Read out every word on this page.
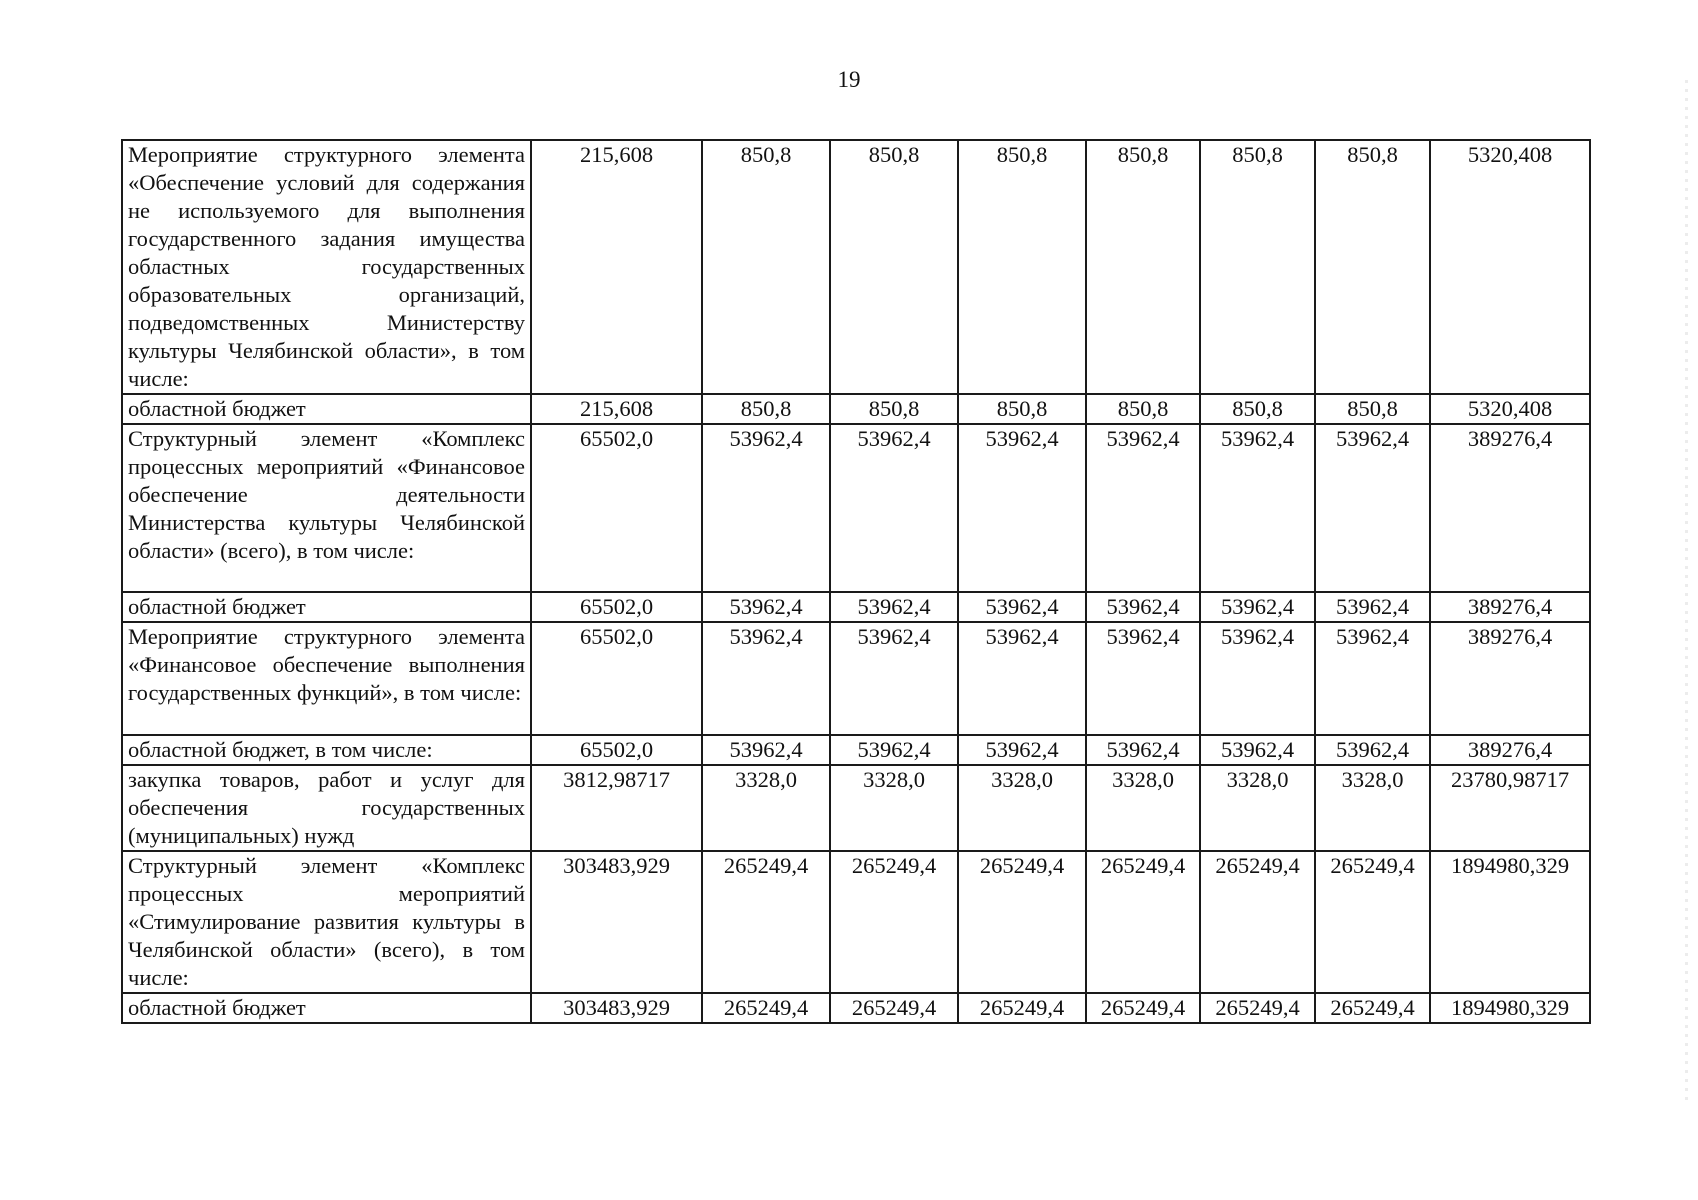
19
Мероприятие структурного элемента «Обеспечение условий для содержания не используемого для выполнения государственного задания имущества областных государственных образовательных организаций, подведомственных Министерству культуры Челябинской области», в том числе:	215,608	850,8	850,8	850,8	850,8	850,8	850,8	5320,408
областной бюджет	215,608	850,8	850,8	850,8	850,8	850,8	850,8	5320,408
Структурный элемент «Комплекс процессных мероприятий «Финансовое обеспечение деятельности Министерства культуры Челябинской области» (всего), в том числе:	65502,0	53962,4	53962,4	53962,4	53962,4	53962,4	53962,4	389276,4
областной бюджет	65502,0	53962,4	53962,4	53962,4	53962,4	53962,4	53962,4	389276,4
Мероприятие структурного элемента «Финансовое обеспечение выполнения государственных функций», в том числе:	65502,0	53962,4	53962,4	53962,4	53962,4	53962,4	53962,4	389276,4
областной бюджет, в том числе:	65502,0	53962,4	53962,4	53962,4	53962,4	53962,4	53962,4	389276,4
закупка товаров, работ и услуг для обеспечения государственных (муниципальных) нужд	3812,98717	3328,0	3328,0	3328,0	3328,0	3328,0	3328,0	23780,98717
Структурный элемент «Комплекс процессных мероприятий «Стимулирование развития культуры в Челябинской области» (всего), в том числе:	303483,929	265249,4	265249,4	265249,4	265249,4	265249,4	265249,4	1894980,329
областной бюджет	303483,929	265249,4	265249,4	265249,4	265249,4	265249,4	265249,4	1894980,329
